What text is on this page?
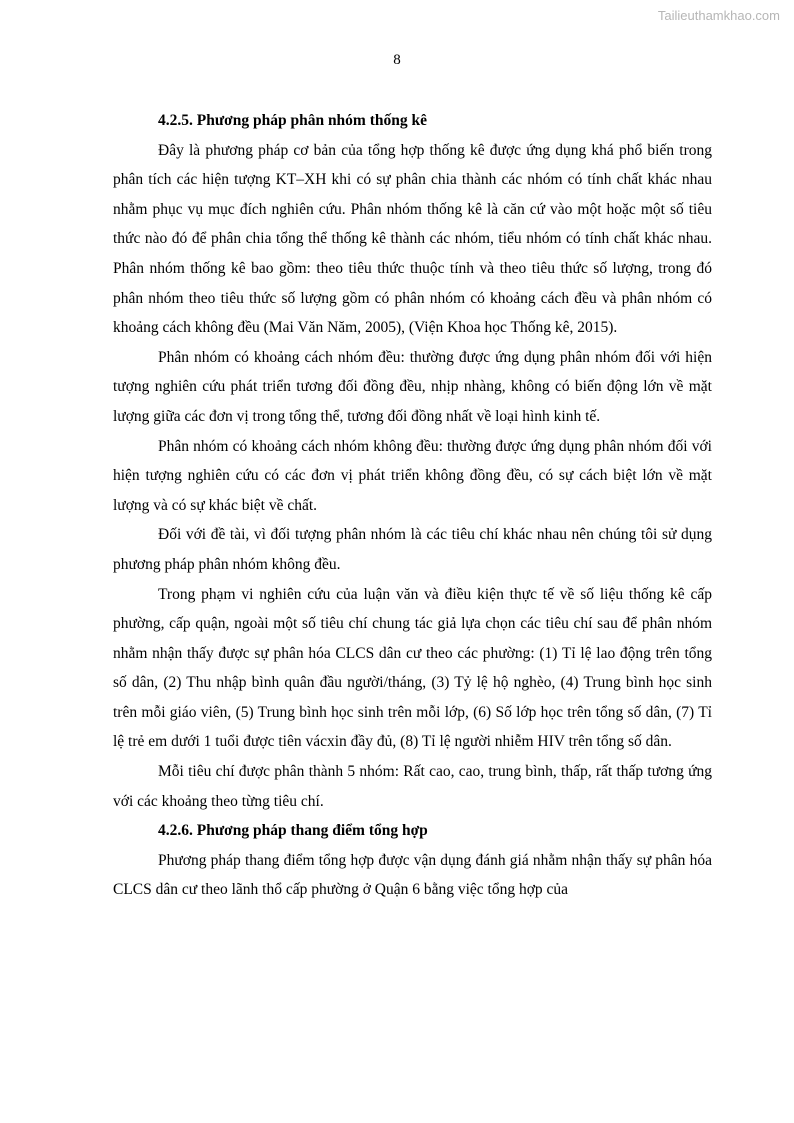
Tailieuthamkhao.com
8

4.2.5. Phương pháp phân nhóm thống kê

Đây là phương pháp cơ bản của tổng hợp thống kê được ứng dụng khá phổ biến trong phân tích các hiện tượng KT–XH khi có sự phân chia thành các nhóm có tính chất khác nhau nhằm phục vụ mục đích nghiên cứu. Phân nhóm thống kê là căn cứ vào một hoặc một số tiêu thức nào đó để phân chia tổng thể thống kê thành các nhóm, tiểu nhóm có tính chất khác nhau. Phân nhóm thống kê bao gồm: theo tiêu thức thuộc tính và theo tiêu thức số lượng, trong đó phân nhóm theo tiêu thức số lượng gồm có phân nhóm có khoảng cách đều và phân nhóm có khoảng cách không đều (Mai Văn Năm, 2005), (Viện Khoa học Thống kê, 2015).

Phân nhóm có khoảng cách nhóm đều: thường được ứng dụng phân nhóm đối với hiện tượng nghiên cứu phát triển tương đối đồng đều, nhịp nhàng, không có biến động lớn về mặt lượng giữa các đơn vị trong tổng thể, tương đối đồng nhất về loại hình kinh tế.

Phân nhóm có khoảng cách nhóm không đều: thường được ứng dụng phân nhóm đối với hiện tượng nghiên cứu có các đơn vị phát triển không đồng đều, có sự cách biệt lớn về mặt lượng và có sự khác biệt về chất.

Đối với đề tài, vì đối tượng phân nhóm là các tiêu chí khác nhau nên chúng tôi sử dụng phương pháp phân nhóm không đều.

Trong phạm vi nghiên cứu của luận văn và điều kiện thực tế về số liệu thống kê cấp phường, cấp quận, ngoài một số tiêu chí chung tác giả lựa chọn các tiêu chí sau để phân nhóm nhằm nhận thấy được sự phân hóa CLCS dân cư theo các phường: (1) Tỉ lệ lao động trên tổng số dân, (2) Thu nhập bình quân đầu người/tháng, (3) Tỷ lệ hộ nghèo, (4) Trung bình học sinh trên mỗi giáo viên, (5) Trung bình học sinh trên mỗi lớp, (6) Số lớp học trên tổng số dân, (7) Tỉ lệ trẻ em dưới 1 tuổi được tiên vácxin đầy đủ, (8) Tỉ lệ người nhiễm HIV trên tổng số dân.

Mỗi tiêu chí được phân thành 5 nhóm: Rất cao, cao, trung bình, thấp, rất thấp tương ứng với các khoảng theo từng tiêu chí.

4.2.6. Phương pháp thang điểm tổng hợp

Phương pháp thang điểm tổng hợp được vận dụng đánh giá nhằm nhận thấy sự phân hóa CLCS dân cư theo lãnh thổ cấp phường ở Quận 6 bằng việc tổng hợp của
